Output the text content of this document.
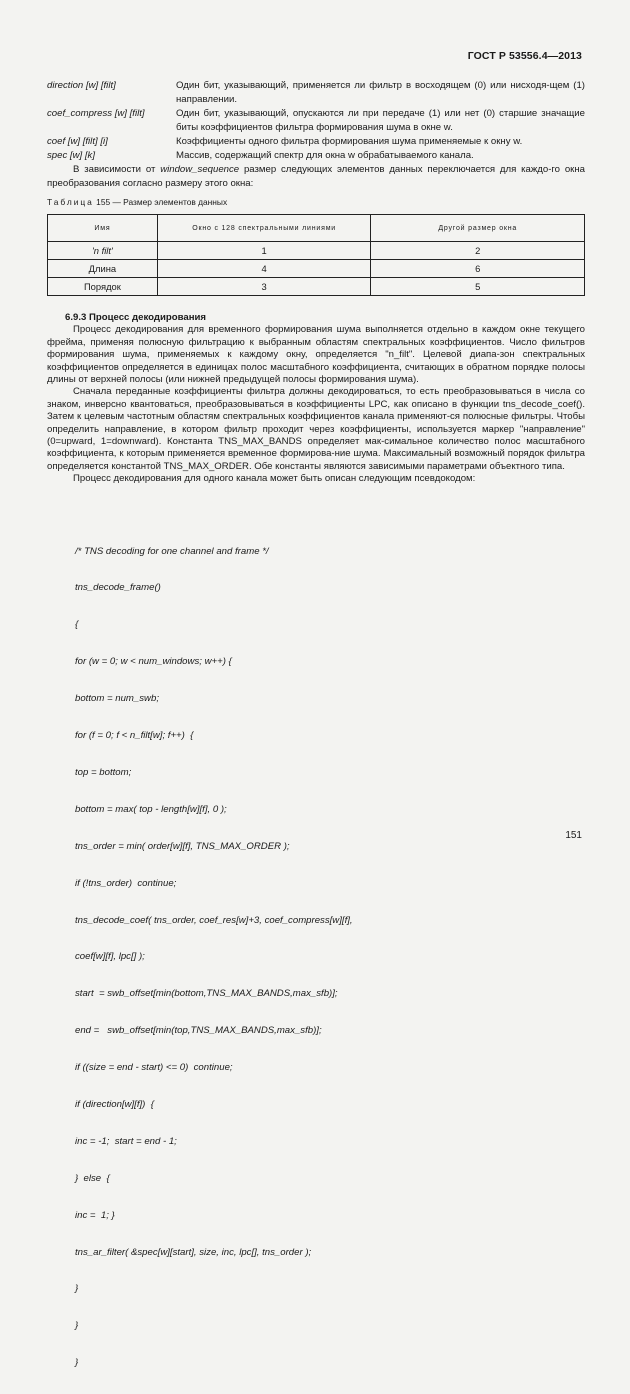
ГОСТ Р 53556.4—2013
direction [w] [filt]	Один бит, указывающий, применяется ли фильтр в восходящем (0) или нисходя-щем (1) направлении.
coef_compress [w] [filt]	Один бит, указывающий, опускаются ли при передаче (1) или нет (0) старшие значащие биты коэффициентов фильтра формирования шума в окне w.
coef [w] [filt] [i]	Коэффициенты одного фильтра формирования шума применяемые к окну w.
spec [w] [k]	Массив, содержащий спектр для окна w обрабатываемого канала.
В зависимости от window_sequence размер следующих элементов данных переключается для каждо-го окна преобразования согласно размеру этого окна:
Таблица 155 — Размер элементов данных
Имя	Окно с 128 спектральными линиями	Другой размер окна
'n filt'	1	2
Длина	4	6
Порядок	3	5
6.9.3 Процесс декодирования
Процесс декодирования для временного формирования шума выполняется отдельно в каждом окне текущего фрейма, применяя полюсную фильтрацию к выбранным областям спектральных коэффициентов. Число фильтров формирования шума, применяемых к каждому окну, определяется "n_filt". Целевой диапа-зон спектральных коэффициентов определяется в единицах полос масштабного коэффициента, считающих в обратном порядке полосы длины от верхней полосы (или нижней предыдущей полосы формирования шума).
Сначала переданные коэффициенты фильтра должны декодироваться, то есть преобразовываться в числа со знаком, инверсно квантоваться, преобразовываться в коэффициенты LPC, как описано в функции tns_decode_coef(). Затем к целевым частотным областям спектральных коэффициентов канала применяют-ся полюсные фильтры. Чтобы определить направление, в котором фильтр проходит через коэффициенты, используется маркер "направление" (0=upward, 1=downward). Константа TNS_MAX_BANDS определяет мак-симальное количество полос масштабного коэффициента, к которым применяется временное формирова-ние шума. Максимальный возможный порядок фильтра определяется константой TNS_MAX_ORDER. Обе константы являются зависимыми параметрами объектного типа.
Процесс декодирования для одного канала может быть описан следующим псевдокодом:

/* TNS decoding for one channel and frame */

tns_decode_frame()

{

for (w = 0; w < num_windows; w++) {

bottom = num_swb;

for (f = 0; f < n_filt[w]; f++)  {

top = bottom;

bottom = max( top - length[w][f], 0 );

tns_order = min( order[w][f], TNS_MAX_ORDER );

if (!tns_order)  continue;

tns_decode_coef( tns_order, coef_res[w]+3, coef_compress[w][f],

coef[w][f], lpc[] );

start  = swb_offset[min(bottom,TNS_MAX_BANDS,max_sfb)];

end =   swb_offset[min(top,TNS_MAX_BANDS,max_sfb)];

if ((size = end - start) <= 0)  continue;

if (direction[w][f])  {

inc = -1;  start = end - 1;

}  else  {

inc =  1; }

tns_ar_filter( &spec[w][start], size, inc, lpc[], tns_order );

}

}

}

151
